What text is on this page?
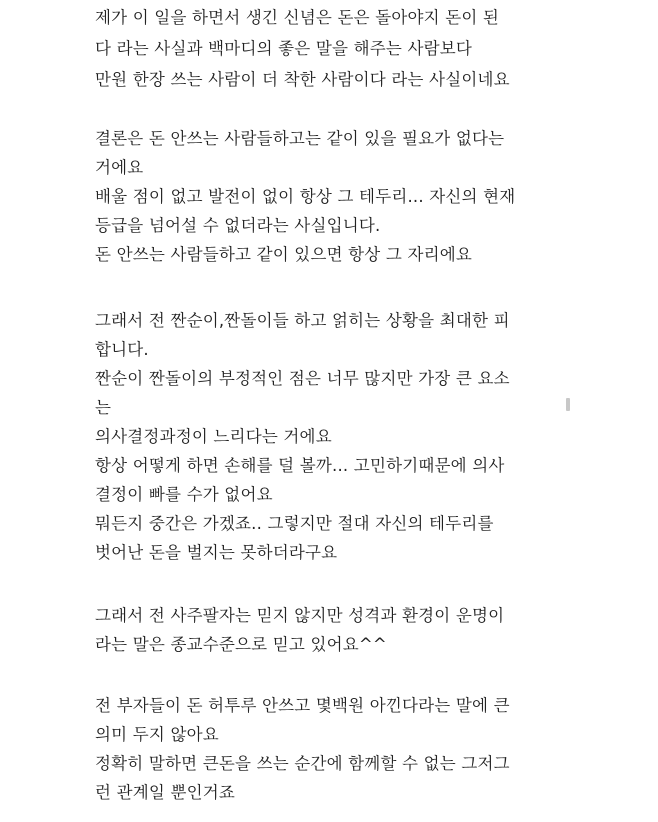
제가 이 일을 하면서 생긴 신념은 돈은 돌아야지 돈이 된
다 라는 사실과 백마디의 좋은 말을 해주는 사람보다
만원 한장 쓰는 사람이 더 착한 사람이다 라는 사실이네요
결론은 돈 안쓰는 사람들하고는 같이 있을 필요가 없다는
거에요
배울 점이 없고 발전이 없이 항상 그 테두리... 자신의 현재
등급을 넘어설 수 없더라는 사실입니다.
돈 안쓰는 사람들하고 같이 있으면 항상 그 자리에요
그래서 전 짠순이,짠돌이들 하고 얽히는 상황을 최대한 피
합니다.
짠순이 짠돌이의 부정적인 점은 너무 많지만 가장 큰 요소
는
의사결정과정이 느리다는 거에요
항상 어떻게 하면 손해를 덜 볼까... 고민하기때문에 의사
결정이 빠를 수가 없어요
뭐든지 중간은 가겠죠.. 그렇지만 절대 자신의 테두리를
벗어난 돈을 벌지는 못하더라구요
그래서 전 사주팔자는 믿지 않지만 성격과 환경이 운명이
라는 말은 종교수준으로 믿고 있어요^^
전 부자들이 돈 허투루 안쓰고 몇백원 아낀다라는 말에 큰
의미 두지 않아요
정확히 말하면 큰돈을 쓰는 순간에 함께할 수 없는 그저그
런 관계일 뿐인거죠
